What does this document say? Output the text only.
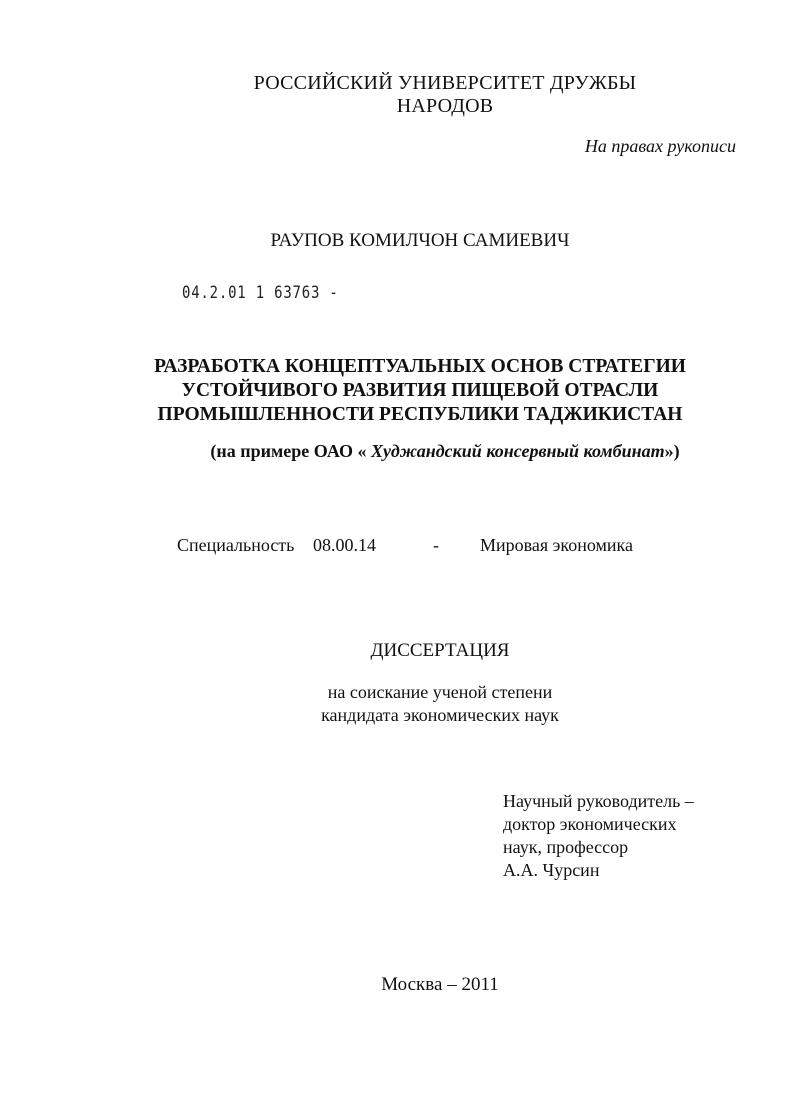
РОССИЙСКИЙ УНИВЕРСИТЕТ ДРУЖБЫ НАРОДОВ
На правах рукописи
РАУПОВ КОМИЛЧОН САМИЕВИЧ
04.2.01 1 63763 -
РАЗРАБОТКА КОНЦЕПТУАЛЬНЫХ ОСНОВ СТРАТЕГИИ
УСТОЙЧИВОГО РАЗВИТИЯ ПИЩЕВОЙ ОТРАСЛИ
ПРОМЫШЛЕННОСТИ РЕСПУБЛИКИ ТАДЖИКИСТАН
(на примере ОАО « Худжандский консервный комбинат»)
Специальность 08.00.14	- Мировая экономика
ДИССЕРТАЦИЯ
на соискание ученой степени
кандидата экономических наук
Научный руководитель –
доктор экономических
наук, профессор
А.А. Чурсин
Москва – 2011
